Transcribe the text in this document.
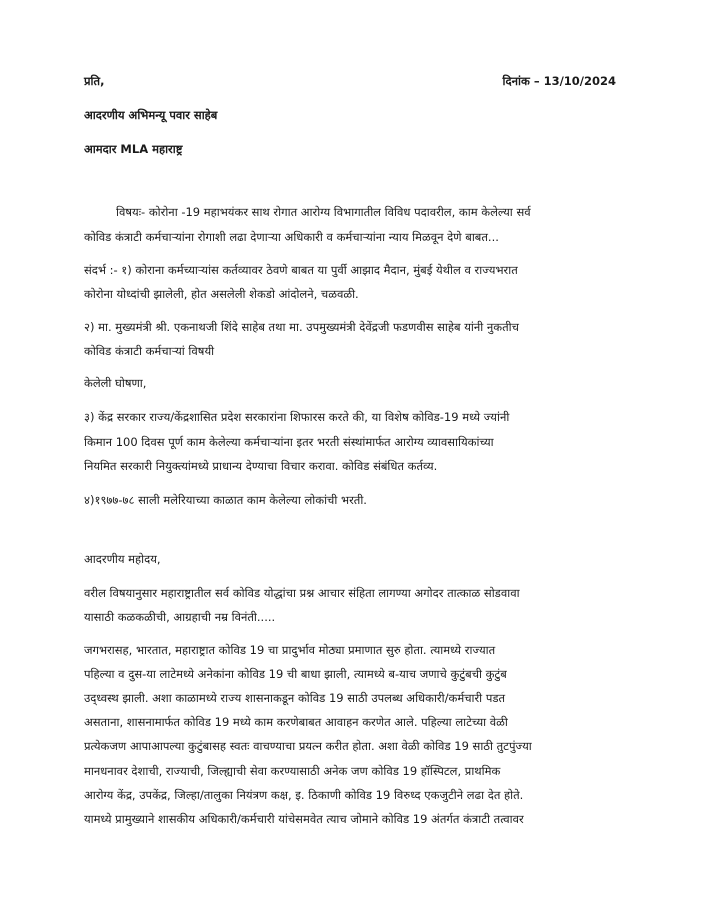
प्रति,	दिनांक – 13/10/2024

आदरणीय अभिमन्यू पवार साहेब

आमदार MLA महाराष्ट्र

विषयः- कोरोना -19 महाभयंकर साथ रोगात आरोग्य विभागातील विविध पदावरील, काम केलेल्या सर्व

कोविड कंत्राटी कर्मचाऱ्यांना रोगाशी लढा देणाऱ्या अधिकारी व कर्मचाऱ्यांना न्याय मिळवून देणे बाबत...

संदर्भ :- १) कोराना कर्मच्याऱ्यांस कर्तव्यावर ठेवणे बाबत या पुर्वी आझाद मैदान, मुंबई येथील व राज्यभरात

कोरोना योध्दांची झालेली, होत असलेली शेकडो आंदोलने, चळवळी.

२) मा. मुख्यमंत्री श्री. एकनाथजी शिंदे साहेब तथा मा. उपमुख्यमंत्री देवेंद्रजी फडणवीस साहेब यांनी नुकतीच

कोविड कंत्राटी कर्मचाऱ्यां विषयी

केलेली घोषणा,

३) केंद्र सरकार राज्य/केंद्रशासित प्रदेश सरकारांना शिफारस करते की, या विशेष कोविड-19 मध्ये ज्यांनी

किमान 100 दिवस पूर्ण काम केलेल्या कर्मचाऱ्यांना इतर भरती संस्थांमार्फत आरोग्य व्यावसायिकांच्या

नियमित सरकारी नियुक्त्यांमध्ये प्राधान्य देण्याचा विचार करावा. कोविड संबंधित कर्तव्य.

४)१९७७-७८ साली मलेरियाच्या काळात काम केलेल्या लोकांची भरती.

आदरणीय महोदय,

वरील विषयानुसार महाराष्ट्रातील सर्व कोविड योद्धांचा प्रश्न आचार संहिता लागण्या अगोदर तात्काळ सोडवावा

यासाठी कळकळीची, आग्रहाची नम्र विनंती.....

जगभरासह, भारतात, महाराष्ट्रात कोविड 19 चा प्रादुर्भाव मोठ्या प्रमाणात सुरु होता. त्यामध्ये राज्यात

पहिल्या व दुस-या लाटेमध्ये अनेकांना कोविड 19 ची बाधा झाली, त्यामध्ये ब-याच जणाचे कुटुंबची कुटुंब

उद्ध्वस्थ झाली. अशा काळामध्ये राज्य शासनाकडून कोविड 19 साठी उपलब्ध अधिकारी/कर्मचारी पडत

असताना, शासनामार्फत कोविड 19 मध्ये काम करणेबाबत आवाहन करणेत आले. पहिल्या लाटेच्या वेळी

प्रत्येकजण आपाआपल्या कुटुंबासह स्वतः वाचण्याचा प्रयत्न करीत होता. अशा वेळी कोविड 19 साठी तुटपुंज्या

मानधनावर देशाची, राज्याची, जिल्ह्याची सेवा करण्यासाठी अनेक जण कोविड 19 हॉस्पिटल, प्राथमिक

आरोग्य केंद्र, उपकेंद्र, जिल्हा/तालुका नियंत्रण कक्ष, इ. ठिकाणी कोविड 19 विरुध्द एकजुटीने लढा देत होते.

यामध्ये प्रामुख्याने शासकीय अधिकारी/कर्मचारी यांचेसमवेत त्याच जोमाने कोविड 19 अंतर्गत कंत्राटी तत्वावर
